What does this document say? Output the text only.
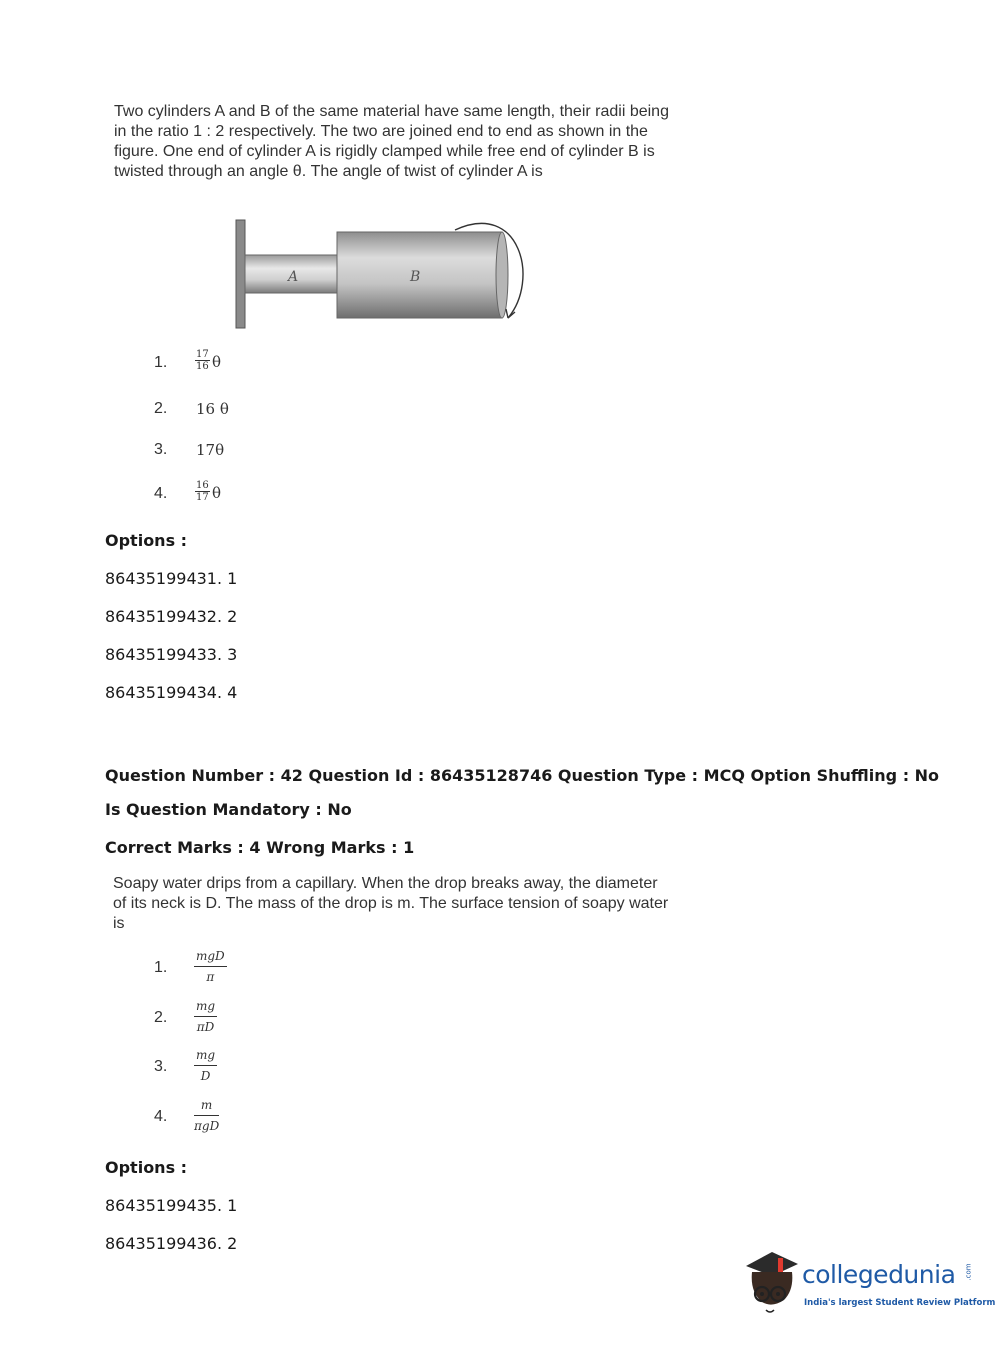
Two cylinders A and B of the same material have same length, their radii being
in the ratio 1 : 2 respectively. The two are joined end to end as shown in the
figure. One end of cylinder A is rigidly clamped while free end of cylinder B is
twisted through an angle θ. The angle of twist of cylinder A is
A	B
1.	$\frac{17}{16}$ θ
2. 16 θ
3. 17θ
4.	$\frac{16}{17}$ θ
Options :
86435199431. 1
86435199432. 2
86435199433. 3
86435199434. 4
Question Number : 42 Question Id : 86435128746 Question Type : MCQ Option Shuffling : No
Is Question Mandatory : No
Correct Marks : 4 Wrong Marks : 1
Soapy water drips from a capillary. When the drop breaks away, the diameter
of its neck is D. The mass of the drop is m. The surface tension of soapy water
is
1.
mgD
π
2.
mg
πD
3.
mg
D
4.
m
πgD
Options :
86435199435. 1
86435199436. 2
collegedunia .com
India's largest Student Review Platform
